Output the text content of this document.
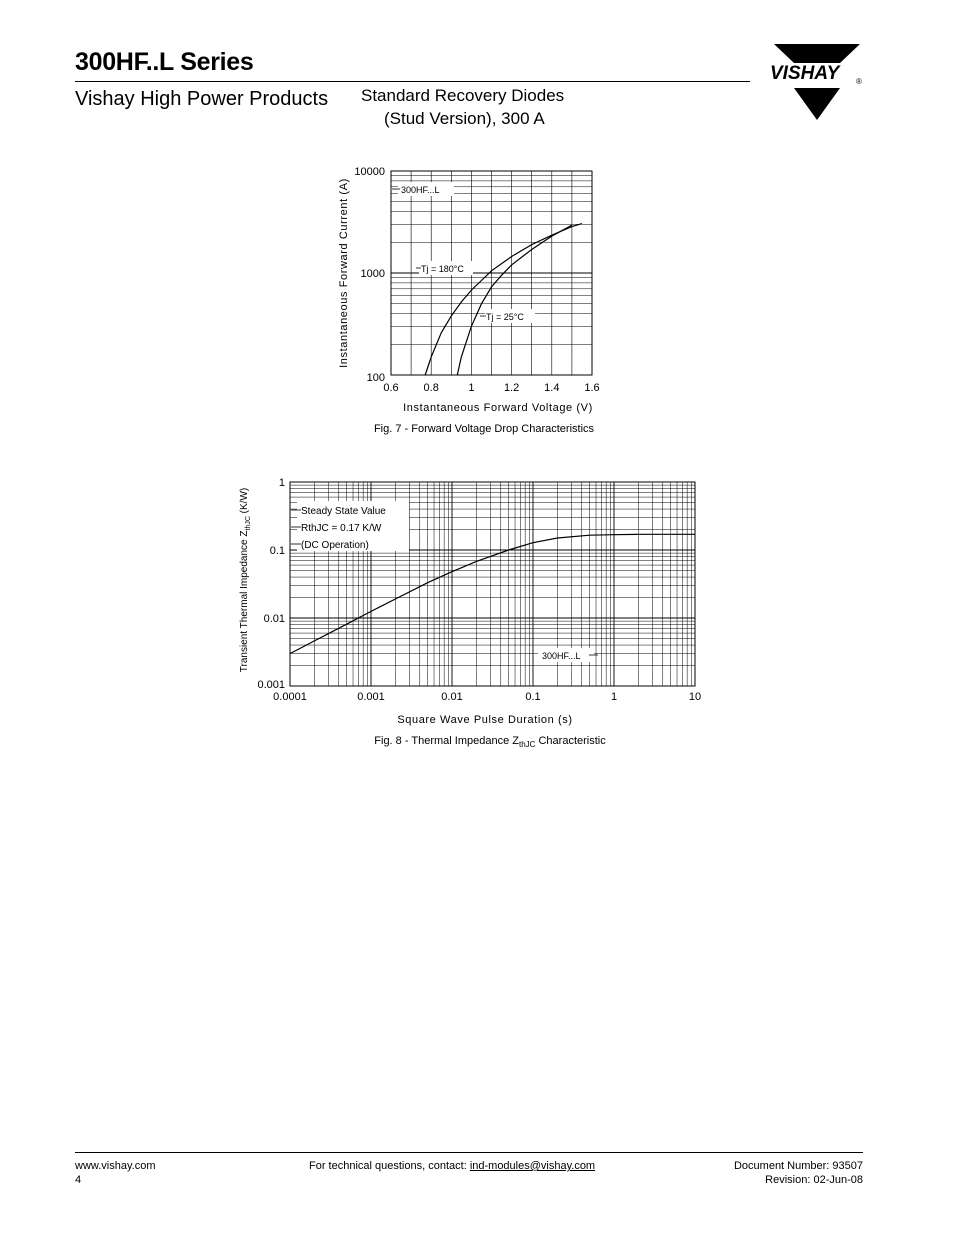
300HF..L Series
Vishay High Power Products Standard Recovery Diodes
(Stud Version), 300 A
VISHAY ®
300HF...L
Tj = 180°C
Tj = 25°C
0.6 0.8	1	1.2 1.4 1.6
100
1000
10000
Instantaneous Forward Voltage (V)
Instantaneous Forward Current (A)
Fig. 7 - Forward Voltage Drop Characteristics
Steady State Value
RthJC = 0.17 K/W
(DC Operation)
300HF...L
0.0001	0.001	0.01	0.1	1	10
0.001
0.01
0.1
1
Square Wave Pulse Duration (s)
Transient Thermal Impedance $Z_{thJC}$ (K/W)
Fig. 8 - Thermal Impedance $Z_{thJC}$ Characteristic
www.vishay.com
4
For technical questions, contact: ind-modules@vishay.com	Document Number: 93507
Revision: 02-Jun-08
